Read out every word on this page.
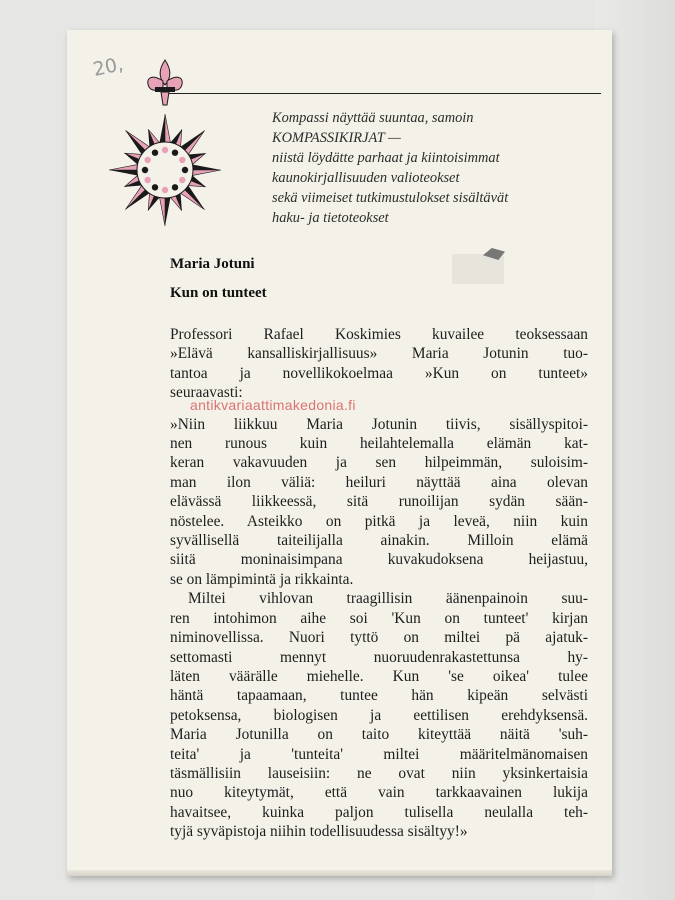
20,
Kompassi näyttää suuntaa, samoin
KOMPASSIKIRJAT —
niistä löydätte parhaat ja kiintoisimmat
kaunokirjallisuuden valioteokset
sekä viimeiset tutkimustulokset sisältävät
haku- ja tietoteokset
Maria Jotuni
Kun on tunteet
Professori Rafael Koskimies kuvailee teoksessaan
»Elävä kansalliskirjallisuus» Maria Jotunin tuo-
tantoa ja novellikokoelmaa »Kun on tunteet»
seuraavasti:
»Niin liikkuu Maria Jotunin tiivis, sisällyspitoi-
nen runous kuin heilahtelemalla elämän kat-
keran vakavuuden ja sen hilpeimmän, suloisim-
man ilon väliä: heiluri näyttää aina olevan
elävässä liikkeessä, sitä runoilijan sydän sään-
nöstelee. Asteikko on pitkä ja leveä, niin kuin
syvällisellä taiteilijalla ainakin. Milloin elämä
siitä moninaisimpana kuvakudoksena heijastuu,
se on lämpimintä ja rikkainta.
Miltei vihlovan traagillisin äänenpainoin suu-
ren intohimon aihe soi 'Kun on tunteet' kirjan
niminovellissa. Nuori tyttö on miltei pä ajatuk-
settomasti mennyt nuoruudenrakastettunsa hy-
läten väärälle miehelle. Kun 'se oikea' tulee
häntä tapaamaan, tuntee hän kipeän selvästi
petoksensa, biologisen ja eettilisen erehdyksensä.
Maria Jotunilla on taito kiteyttää näitä 'suh-
teita' ja 'tunteita' miltei määritelmänomaisen
täsmällisiin lauseisiin: ne ovat niin yksinkertaisia
nuo kiteytymät, että vain tarkkaavainen lukija
havaitsee, kuinka paljon tulisella neulalla teh-
tyjä syväpistoja niihin todellisuudessa sisältyy!»
antikvariaattimakedonia.fi
